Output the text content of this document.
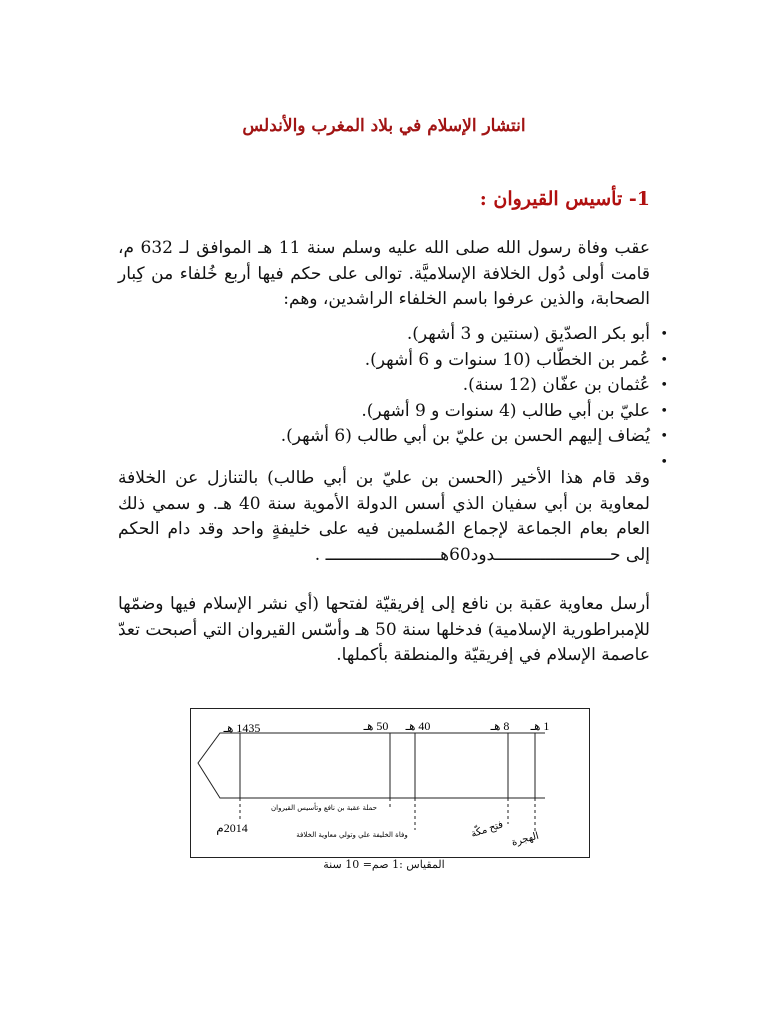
انتشار الإسلام في بلاد المغرب والأندلس
1- تأسيس القيروان :
عقب وفاة رسول الله صلى الله عليه وسلم سنة 11 هـ الموافق لـ 632 م، قامت أولى دُول الخلافة الإسلاميَّة. توالى على حكم فيها أربع خُلفاء من كِبار الصحابة، والذين عرفوا باسم الخلفاء الراشدين، وهم:
• أبو بكر الصدّيق (سنتين و 3 أشهر).
• عُمر بن الخطّاب (10 سنوات و 6 أشهر).
• عُثمان بن عفّان (12 سنة).
• عليّ بن أبي طالب (4 سنوات و 9 أشهر).
• يُضاف إليهم الحسن بن عليّ بن أبي طالب (6 أشهر).
•
وقد قام هذا الأخير (الحسن بن عليّ بن أبي طالب) بالتنازل عن الخلافة لمعاوية بن أبي سفيان الذي أسس الدولة الأموية سنة 40 هـ. و سمي ذلك العام بعام الجماعة لإجماع المُسلمين فيه على خليفةٍ واحد وقد دام الحكم إلى حـــــــــــــــــــــــدود60هـــــــــــــــــــــــ .
أرسل معاوية عقبة بن نافع إلى إفريقيّة لفتحها (أي نشر الإسلام فيها وضمّها للإمبراطورية الإسلامية) فدخلها سنة 50 هـ وأسّس القيروان التي أصبحت تعدّ عاصمة الإسلام في إفريقيّة والمنطقة بأكملها.
1435 هـ	50 هـ 40 هـ	8 هـ 1 هـ
2014م
حملة عقبة بن نافع وتأسيس القيروان
وفاة الخليفة علي وتولي معاوية الخلافة	فتح مكّة الهجرة
المقياس :1 صم= 10 سنة
